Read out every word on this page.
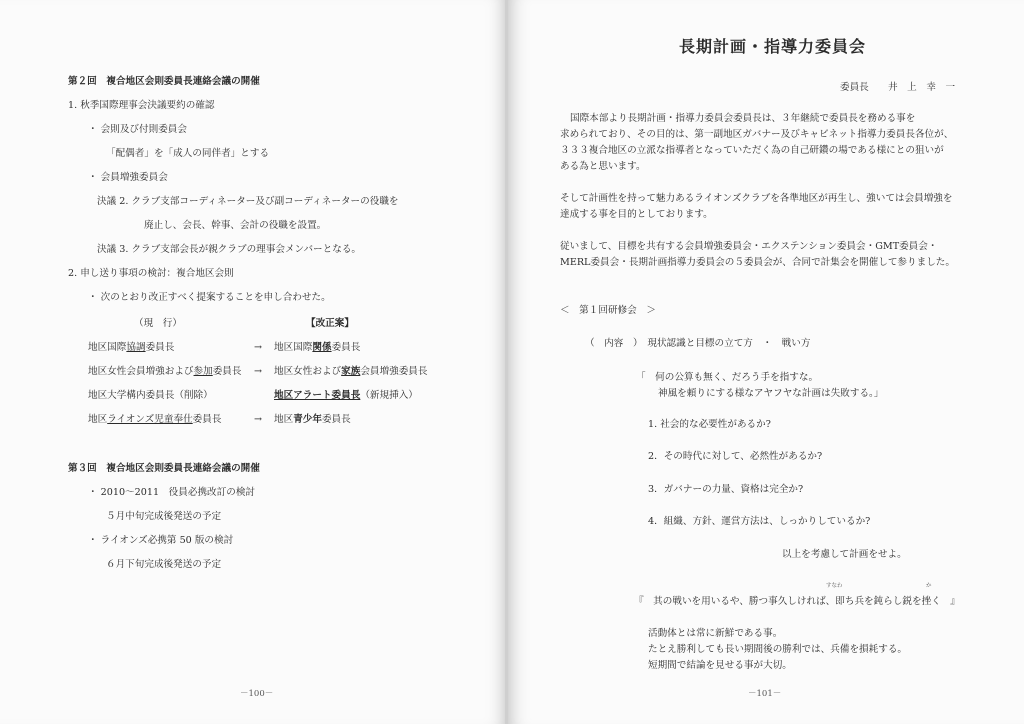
第２回　複合地区会則委員長連絡会議の開催
1. 秋季国際理事会決議要約の確認
・ 会則及び付則委員会
「配偶者」を「成人の同伴者」とする
・ 会員増強委員会
決議 2. クラブ支部コーディネーター及び副コーディネーターの役職を
廃止し、会長、幹事、会計の役職を設置。
決議 3. クラブ支部会長が親クラブの理事会メンバーとなる。
2. 申し送り事項の検討：複合地区会則
・ 次のとおり改正すべく提案することを申し合わせた。
（現　行）	【改正案】
地区国際協調委員長	→ 地区国際関係委員長
地区女性会員増強および参加委員長 → 地区女性および家族会員増強委員長
地区大学構内委員長（削除）	地区アラート委員長（新規挿入）
地区ライオンズ児童奉仕委員長	→ 地区青少年委員長
第３回　複合地区会則委員長連絡会議の開催
・ 2010～2011　役員必携改訂の検討
５月中旬完成後発送の予定
・ ライオンズ必携第 50 版の検討
６月下旬完成後発送の予定
－100－
長期計画・指導力委員会
委員長　　井　上　幸　一
国際本部より長期計画・指導力委員会委員長は、３年継続で委員長を務める事を
求められており、その目的は、第一副地区ガバナー及びキャビネット指導力委員長各位が、
３３３複合地区の立派な指導者となっていただく為の自己研鑽の場である様にとの狙いが
ある為と思います。
そして計画性を持って魅力あるライオンズクラブを各準地区が再生し、強いては会員増強を
達成する事を目的としております。
従いまして、目標を共有する会員増強委員会・エクステンション委員会・GMT委員会・
MERL委員会・長期計画指導力委員会の５委員会が、合同で計集会を開催して参りました。
＜　第１回研修会　＞
（　内容　）　現状認識と目標の立て方　・　戦い方
「　何の公算も無く、だろう手を指すな。
神風を頼りにする様なアヤフヤな計画は失敗する。」
1. 社会的な必要性があるか?
2．その時代に対して、必然性があるか?
3．ガバナーの力量、資格は完全か?
4．組織、方針、運営方法は、しっかりしているか?
以上を考慮して計画をせよ。
すなわ	か
『　其の戦いを用いるや、勝つ事久しければ、即ち兵を鈍らし鋭を挫く　』
活動体とは常に新鮮である事。
たとえ勝利しても長い期間後の勝利では、兵備を損耗する。
短期間で結論を見せる事が大切。
－101－
